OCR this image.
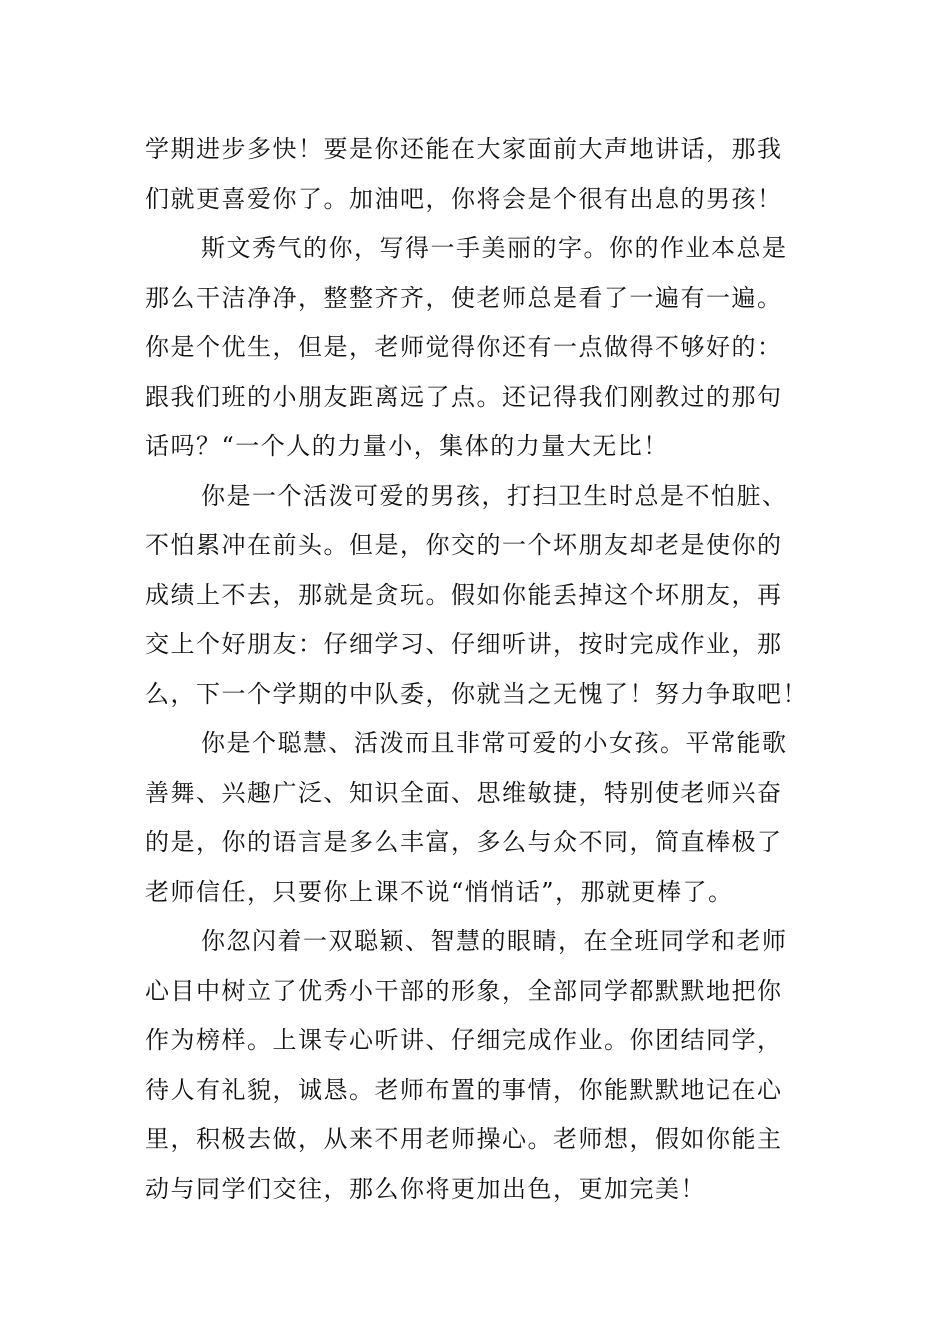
学期进步多快！要是你还能在大家面前大声地讲话，那我
们就更喜爱你了。加油吧，你将会是个很有出息的男孩！
斯文秀气的你，写得一手美丽的字。你的作业本总是
那么干洁净净，整整齐齐，使老师总是看了一遍有一遍。
你是个优生，但是，老师觉得你还有一点做得不够好的：
跟我们班的小朋友距离远了点。还记得我们刚教过的那句
话吗？“一个人的力量小，集体的力量大无比！
你是一个活泼可爱的男孩，打扫卫生时总是不怕脏、
不怕累冲在前头。但是，你交的一个坏朋友却老是使你的
成绩上不去，那就是贪玩。假如你能丢掉这个坏朋友，再
交上个好朋友：仔细学习、仔细听讲，按时完成作业，那
么，下一个学期的中队委，你就当之无愧了！努力争取吧！
你是个聪慧、活泼而且非常可爱的小女孩。平常能歌
善舞、兴趣广泛、知识全面、思维敏捷，特别使老师兴奋
的是，你的语言是多么丰富，多么与众不同，简直棒极了
老师信任，只要你上课不说“悄悄话”，那就更棒了。
你忽闪着一双聪颖、智慧的眼睛，在全班同学和老师
心目中树立了优秀小干部的形象，全部同学都默默地把你
作为榜样。上课专心听讲、仔细完成作业。你团结同学，
待人有礼貌，诚恳。老师布置的事情，你能默默地记在心
里，积极去做，从来不用老师操心。老师想，假如你能主
动与同学们交往，那么你将更加出色，更加完美！
